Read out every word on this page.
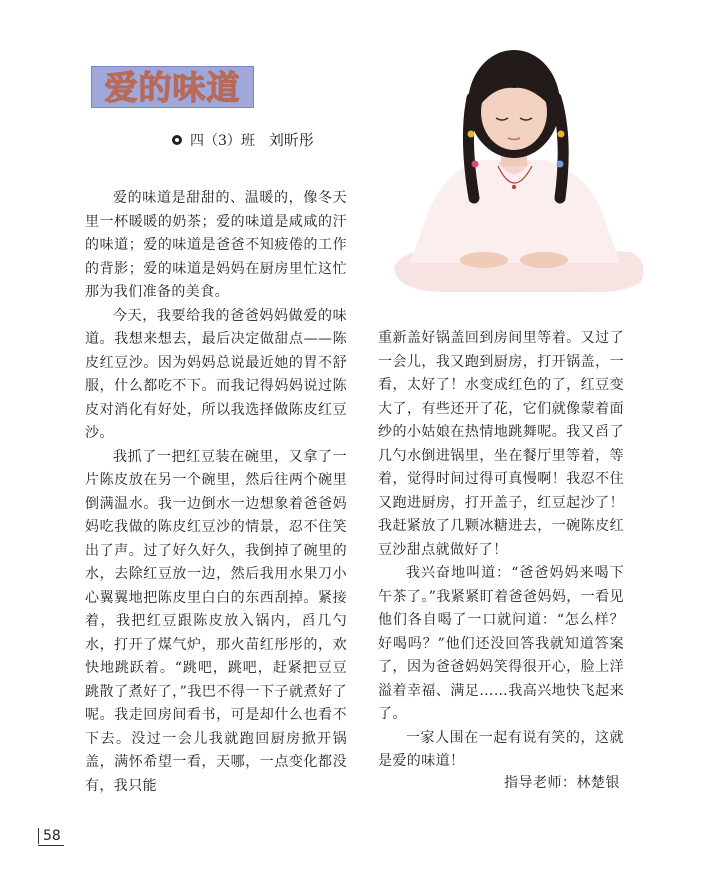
爱的味道
四（3）班 刘昕彤

爱的味道是甜甜的、温暖的，像冬天里一杯暖暖的奶茶；爱的味道是咸咸的汗的味道；爱的味道是爸爸不知疲倦的工作的背影；爱的味道是妈妈在厨房里忙这忙那为我们准备的美食。

今天，我要给我的爸爸妈妈做爱的味道。我想来想去，最后决定做甜点——陈皮红豆沙。因为妈妈总说最近她的胃不舒服，什么都吃不下。而我记得妈妈说过陈皮对消化有好处，所以我选择做陈皮红豆沙。

我抓了一把红豆装在碗里，又拿了一片陈皮放在另一个碗里，然后往两个碗里倒满温水。我一边倒水一边想象着爸爸妈妈吃我做的陈皮红豆沙的情景，忍不住笑出了声。过了好久好久，我倒掉了碗里的水，去除红豆放一边，然后我用水果刀小心翼翼地把陈皮里白白的东西刮掉。紧接着，我把红豆跟陈皮放入锅内，舀几勺水，打开了煤气炉，那火苗红彤彤的，欢快地跳跃着。“跳吧，跳吧，赶紧把豆豆跳散了煮好了，”我巴不得一下子就煮好了呢。我走回房间看书，可是却什么也看不下去。没过一会儿我就跑回厨房掀开锅盖，满怀希望一看，天哪，一点变化都没有，我只能

重新盖好锅盖回到房间里等着。又过了一会儿，我又跑到厨房，打开锅盖，一看，太好了！水变成红色的了，红豆变大了，有些还开了花，它们就像蒙着面纱的小姑娘在热情地跳舞呢。我又舀了几勺水倒进锅里，坐在餐厅里等着，等着，觉得时间过得可真慢啊！我忍不住又跑进厨房，打开盖子，红豆起沙了！我赶紧放了几颗冰糖进去，一碗陈皮红豆沙甜点就做好了！

我兴奋地叫道：“爸爸妈妈来喝下午茶了。”我紧紧盯着爸爸妈妈，一看见他们各自喝了一口就问道：“怎么样？好喝吗？”他们还没回答我就知道答案了，因为爸爸妈妈笑得很开心，脸上洋溢着幸福、满足……我高兴地快飞起来了。

一家人围在一起有说有笑的，这就是爱的味道！

指导老师：林楚银
58
